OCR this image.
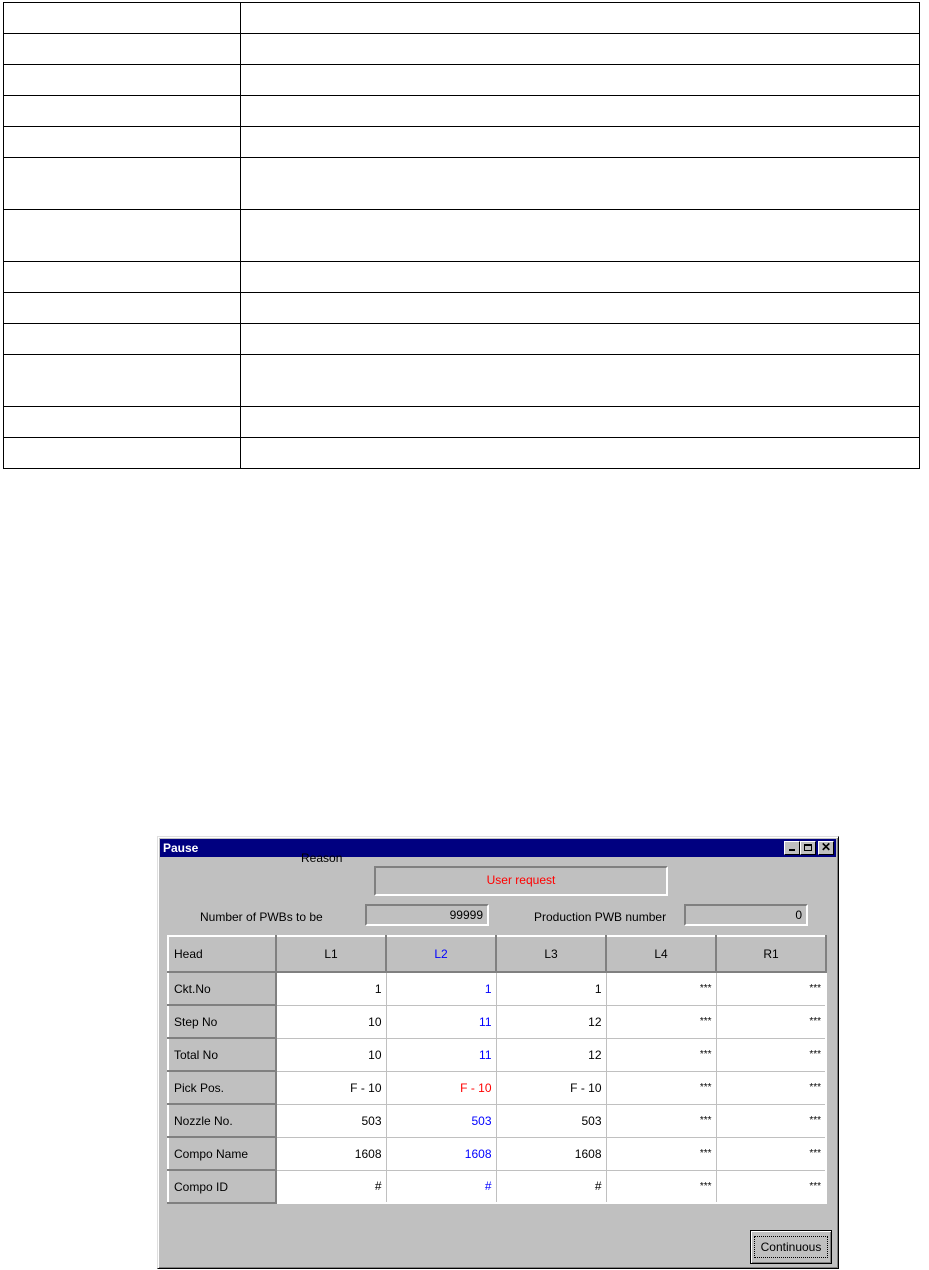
Pause	✕
Reason
User request
Number of PWBs to be	99999	Production PWB number	0
Head	L1	L2	L3	L4	R1
Ckt.No	1	1	1	***	***
Step No	10	11	12	***	***
Total No	10	11	12	***	***
Pick Pos.	F - 10	F - 10	F - 10	***	***
Nozzle No.	503	503	503	***	***
Compo Name	1608	1608	1608	***	***
Compo ID	#	#	#	***	***
Continuous
